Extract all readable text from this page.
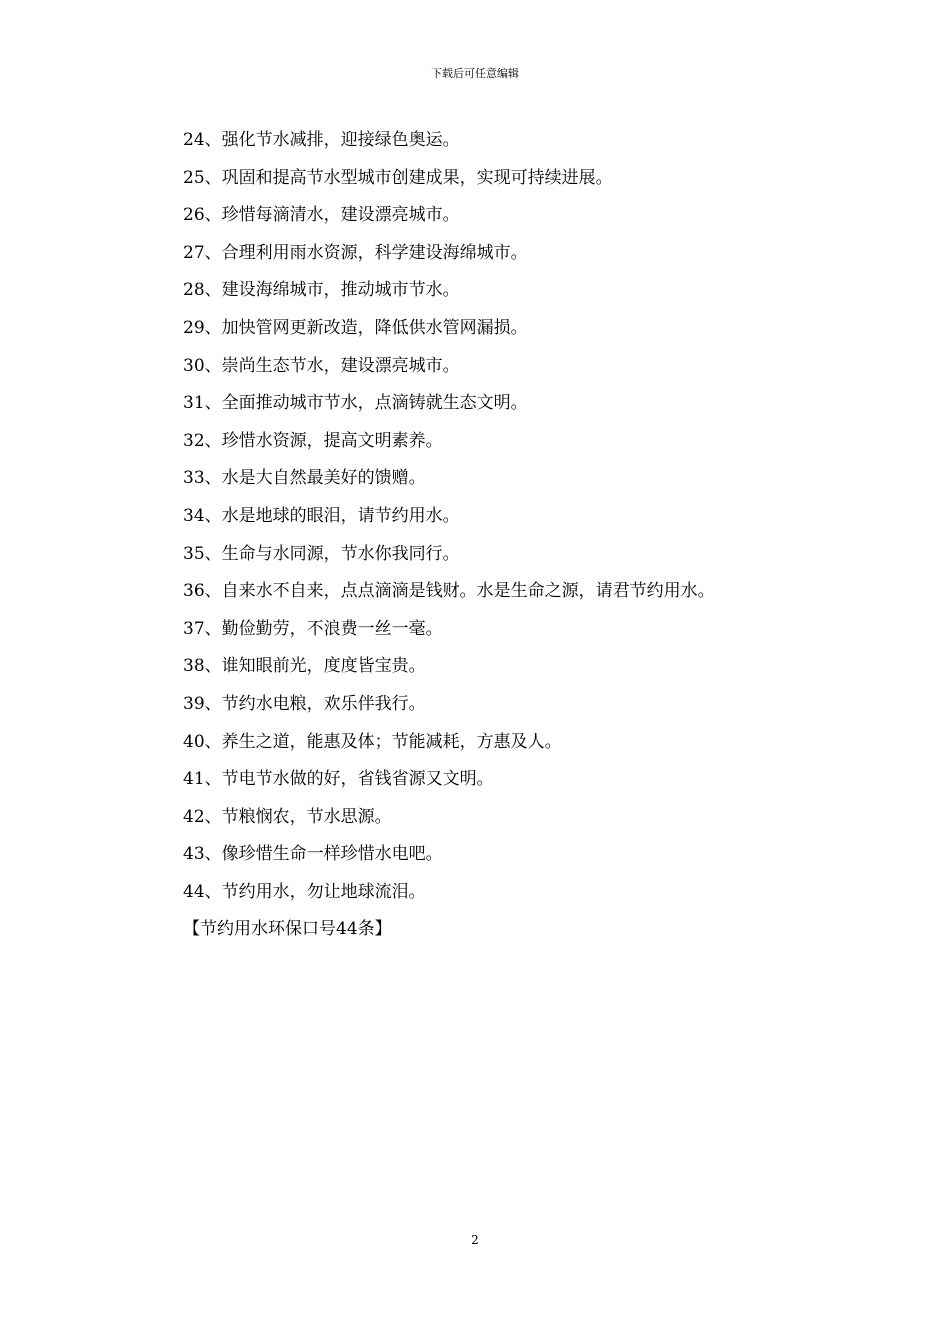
下载后可任意编辑
24、强化节水减排，迎接绿色奥运。
25、巩固和提高节水型城市创建成果，实现可持续进展。
26、珍惜每滴清水，建设漂亮城市。
27、合理利用雨水资源，科学建设海绵城市。
28、建设海绵城市，推动城市节水。
29、加快管网更新改造，降低供水管网漏损。
30、崇尚生态节水，建设漂亮城市。
31、全面推动城市节水，点滴铸就生态文明。
32、珍惜水资源，提高文明素养。
33、水是大自然最美好的馈赠。
34、水是地球的眼泪，请节约用水。
35、生命与水同源，节水你我同行。
36、自来水不自来，点点滴滴是钱财。水是生命之源，请君节约用水。
37、勤俭勤劳，不浪费一丝一毫。
38、谁知眼前光，度度皆宝贵。
39、节约水电粮，欢乐伴我行。
40、养生之道，能惠及体；节能减耗，方惠及人。
41、节电节水做的好，省钱省源又文明。
42、节粮悯农，节水思源。
43、像珍惜生命一样珍惜水电吧。
44、节约用水，勿让地球流泪。
【节约用水环保口号44条】
2
